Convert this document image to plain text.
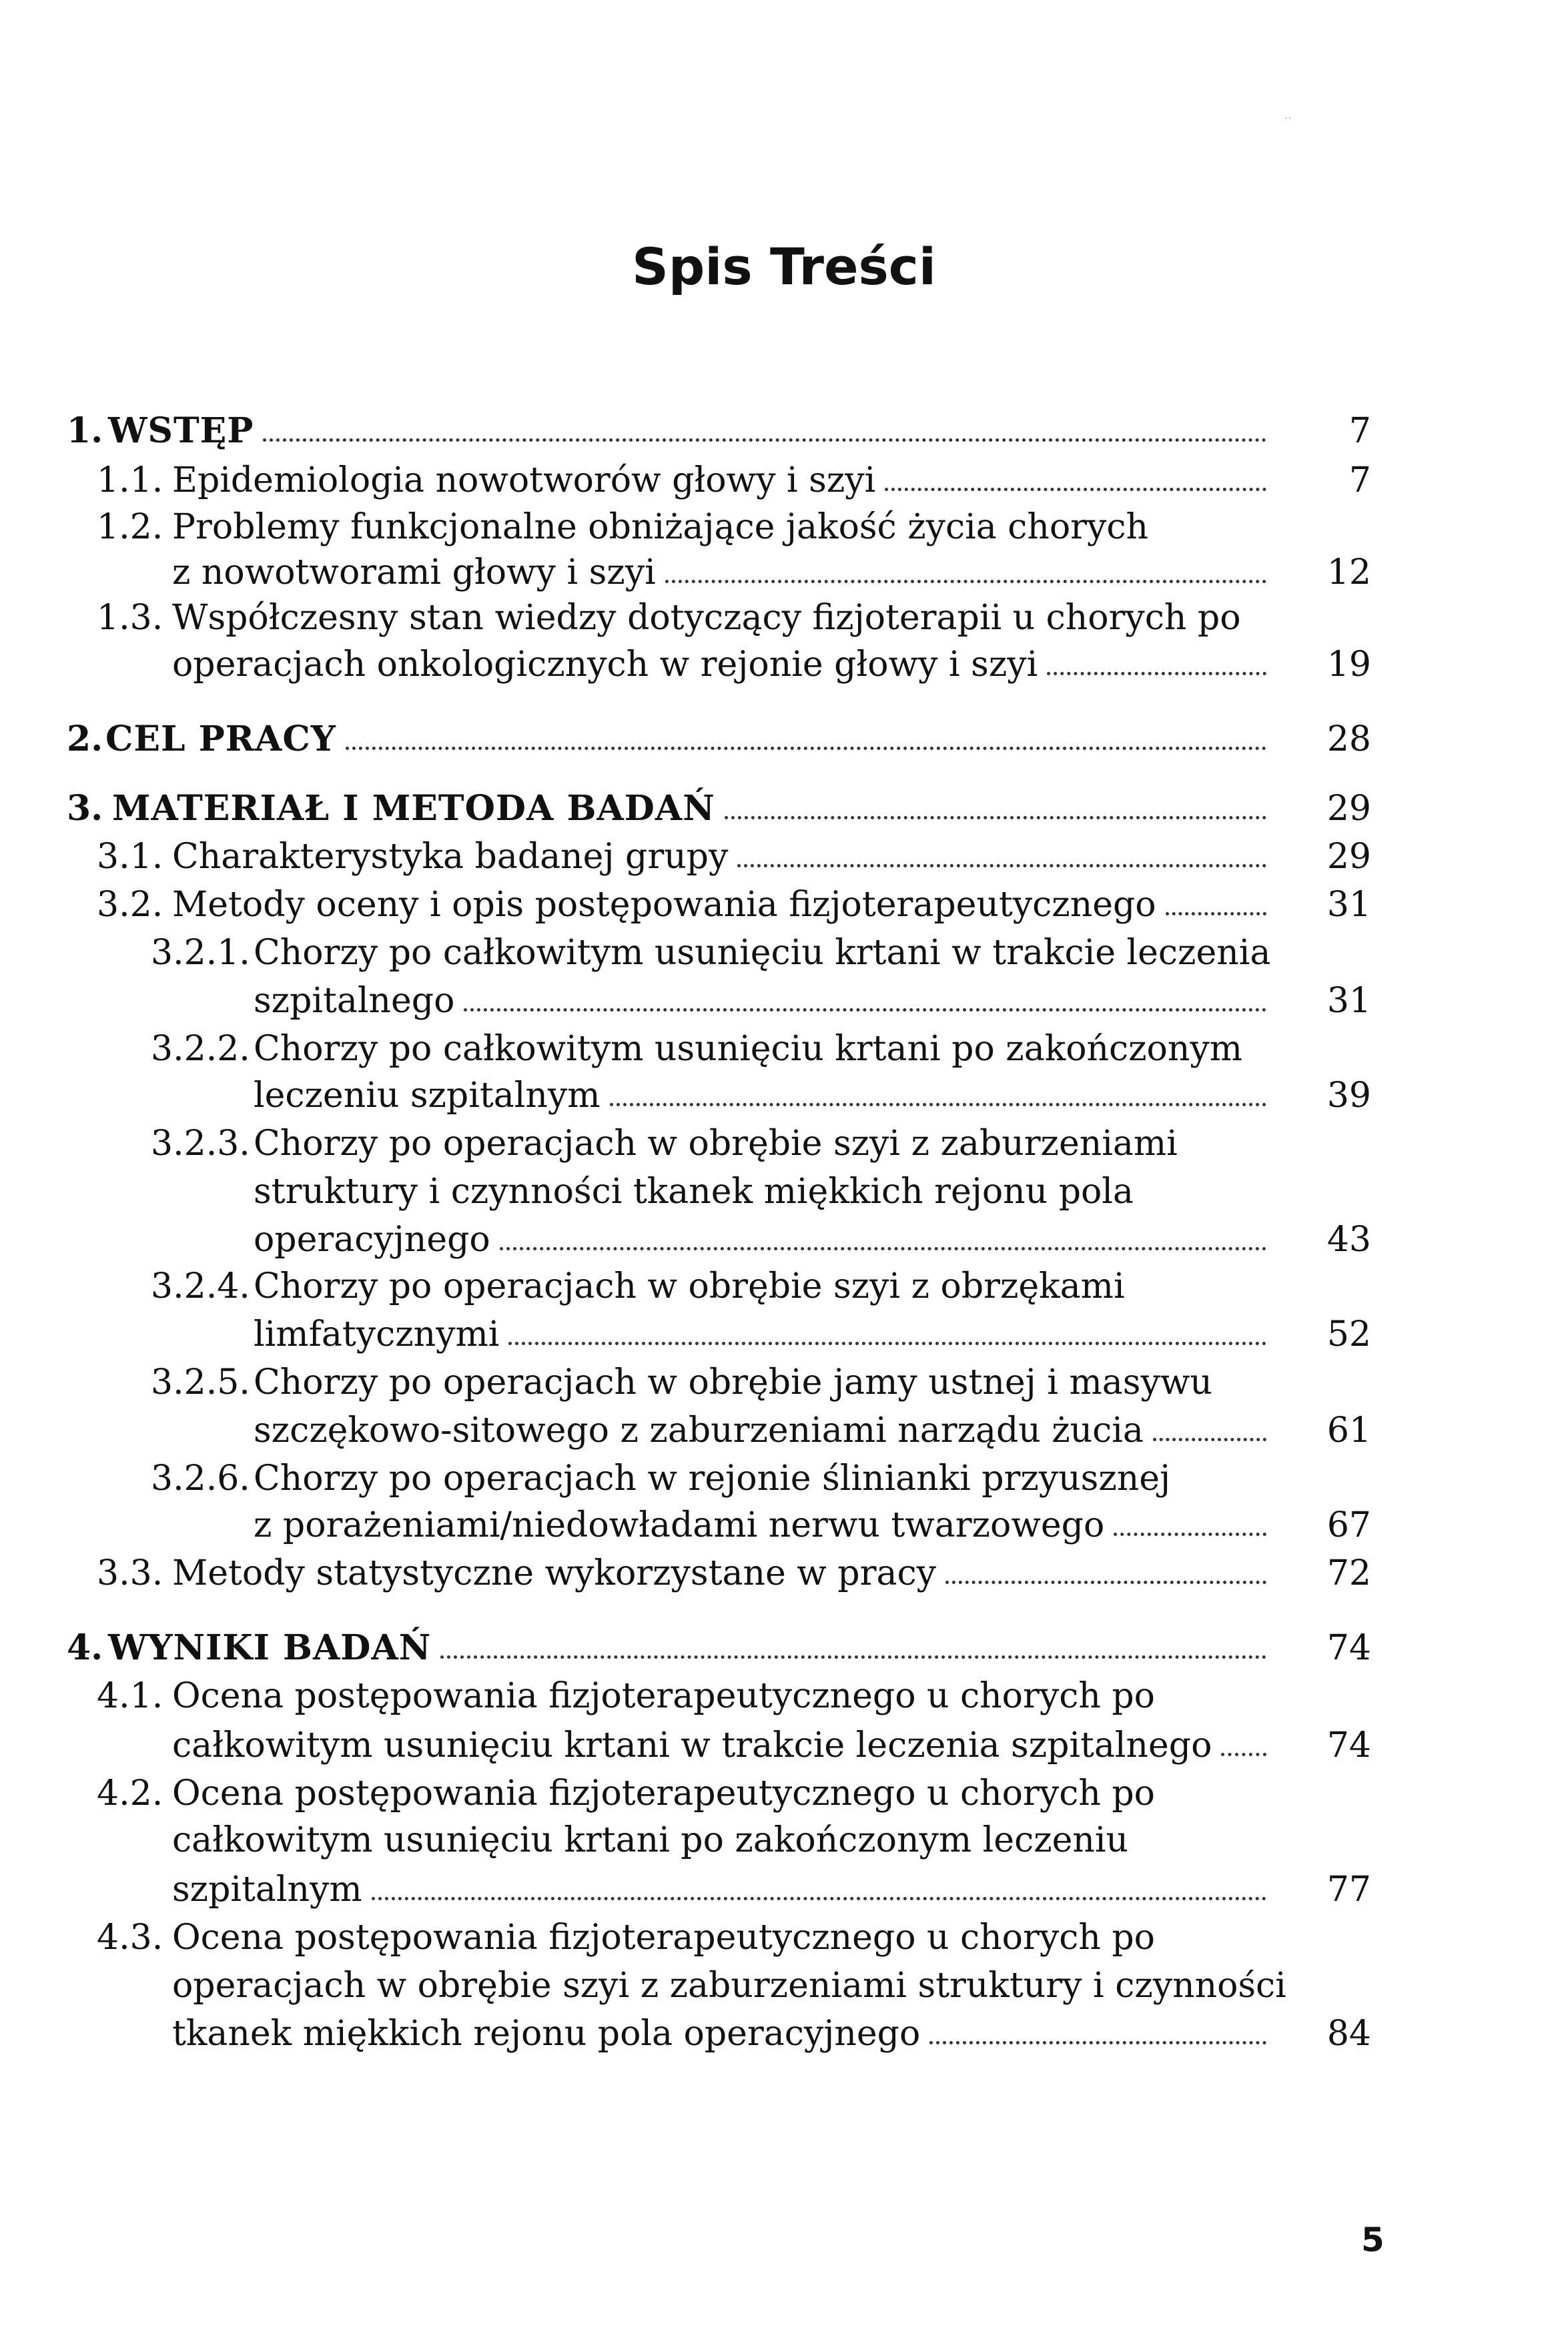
․․
Spis Treści
1. WSTĘP	7
1.1. Epidemiologia nowotworów głowy i szyi	7
1.2. Problemy funkcjonalne obniżające jakość życia chorych
z nowotworami głowy i szyi	12
1.3. Współczesny stan wiedzy dotyczący fizjoterapii u chorych po
operacjach onkologicznych w rejonie głowy i szyi	19
2. CEL PRACY	28
3. MATERIAŁ I METODA BADAŃ	29
3.1. Charakterystyka badanej grupy	29
3.2. Metody oceny i opis postępowania fizjoterapeutycznego	31
3.2.1. Chorzy po całkowitym usunięciu krtani w trakcie leczenia
szpitalnego	31
3.2.2. Chorzy po całkowitym usunięciu krtani po zakończonym
leczeniu szpitalnym	39
3.2.3. Chorzy po operacjach w obrębie szyi z zaburzeniami
struktury i czynności tkanek miękkich rejonu pola
operacyjnego	43
3.2.4. Chorzy po operacjach w obrębie szyi z obrzękami
limfatycznymi	52
3.2.5. Chorzy po operacjach w obrębie jamy ustnej i masywu
szczękowo-sitowego z zaburzeniami narządu żucia	61
3.2.6. Chorzy po operacjach w rejonie ślinianki przyusznej
z porażeniami/niedowładami nerwu twarzowego	67
3.3. Metody statystyczne wykorzystane w pracy	72
4. WYNIKI BADAŃ	74
4.1. Ocena postępowania fizjoterapeutycznego u chorych po
całkowitym usunięciu krtani w trakcie leczenia szpitalnego	74
4.2. Ocena postępowania fizjoterapeutycznego u chorych po
całkowitym usunięciu krtani po zakończonym leczeniu
szpitalnym	77
4.3. Ocena postępowania fizjoterapeutycznego u chorych po
operacjach w obrębie szyi z zaburzeniami struktury i czynności
tkanek miękkich rejonu pola operacyjnego	84
5
